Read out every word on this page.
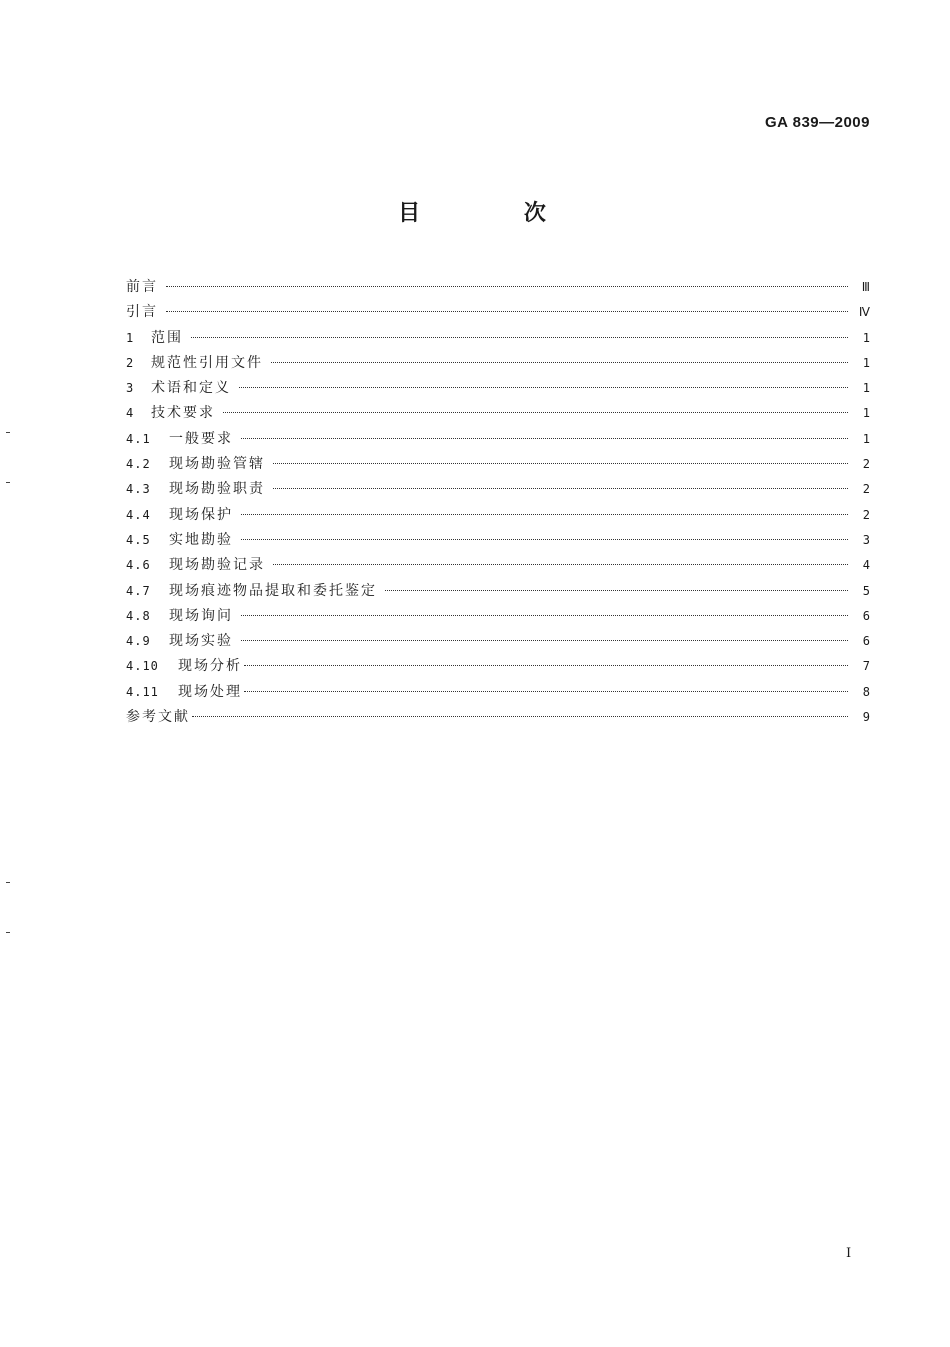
GA 839—2009
目 次
前言	Ⅲ
引言	Ⅳ
1	范围	1
2	规范性引用文件	1
3	术语和定义	1
4	技术要求	1
4.1	一般要求	1
4.2	现场勘验管辖	2
4.3	现场勘验职责	2
4.4	现场保护	2
4.5	实地勘验	3
4.6	现场勘验记录	4
4.7	现场痕迹物品提取和委托鉴定	5
4.8	现场询问	6
4.9	现场实验	6
4.10	现场分析	7
4.11	现场处理	8
参考文献	9
Ⅰ
